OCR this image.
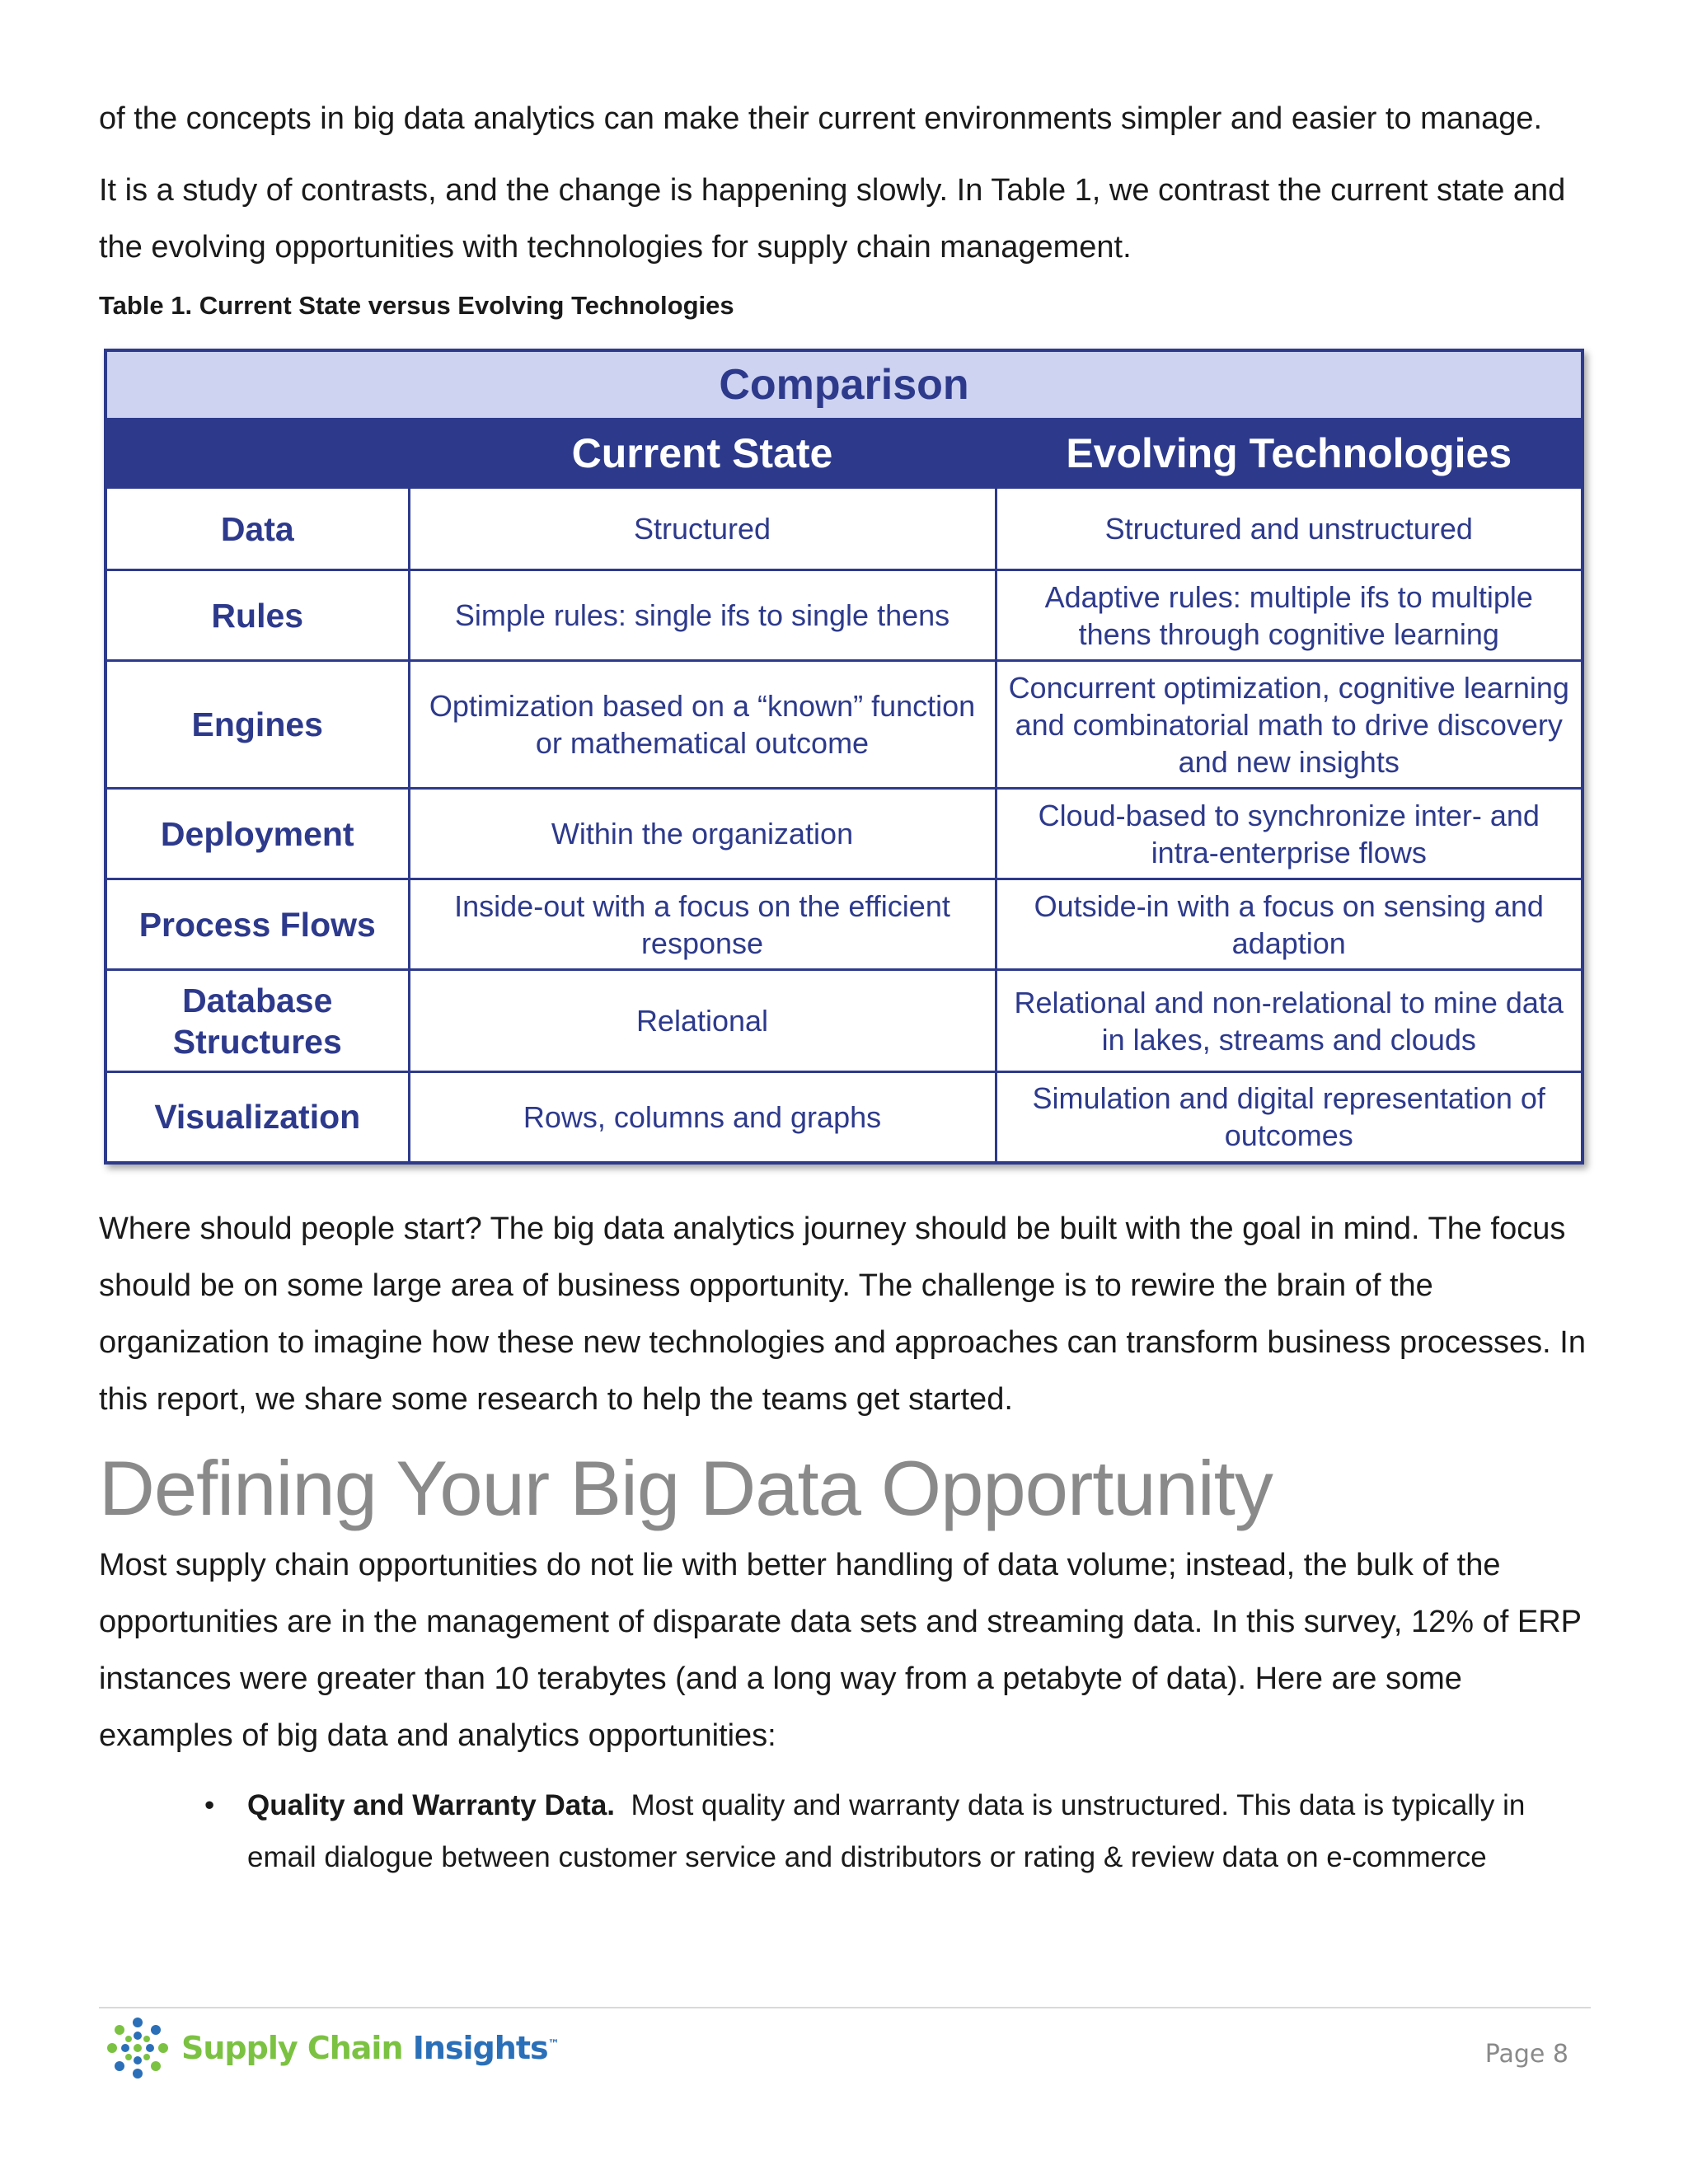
of the concepts in big data analytics can make their current environments simpler and easier to manage.

It is a study of contrasts, and the change is happening slowly. In Table 1, we contrast the current state and the evolving opportunities with technologies for supply chain management.

Table 1. Current State versus Evolving Technologies
Comparison		
	Current State	Evolving Technologies
Data	Structured	Structured and unstructured
Rules	Simple rules: single ifs to single thens	Adaptive rules: multiple ifs to multiple thens through cognitive learning
Engines	Optimization based on a “known” function or mathematical outcome	Concurrent optimization, cognitive learning and combinatorial math to drive discovery and new insights
Deployment	Within the organization	Cloud-based to synchronize inter- and intra-enterprise flows
Process Flows	Inside-out with a focus on the efficient response	Outside-in with a focus on sensing and adaption
Database Structures	Relational	Relational and non-relational to mine data in lakes, streams and clouds
Visualization	Rows, columns and graphs	Simulation and digital representation of outcomes

Where should people start? The big data analytics journey should be built with the goal in mind. The focus should be on some large area of business opportunity. The challenge is to rewire the brain of the organization to imagine how these new technologies and approaches can transform business processes. In this report, we share some research to help the teams get started.

Defining Your Big Data Opportunity

Most supply chain opportunities do not lie with better handling of data volume; instead, the bulk of the opportunities are in the management of disparate data sets and streaming data. In this survey, 12% of ERP instances were greater than 10 terabytes (and a long way from a petabyte of data). Here are some examples of big data and analytics opportunities:

• Quality and Warranty Data. Most quality and warranty data is unstructured. This data is typically in email dialogue between customer service and distributors or rating & review data on e-commerce
Supply Chain Insights™	Page 8
